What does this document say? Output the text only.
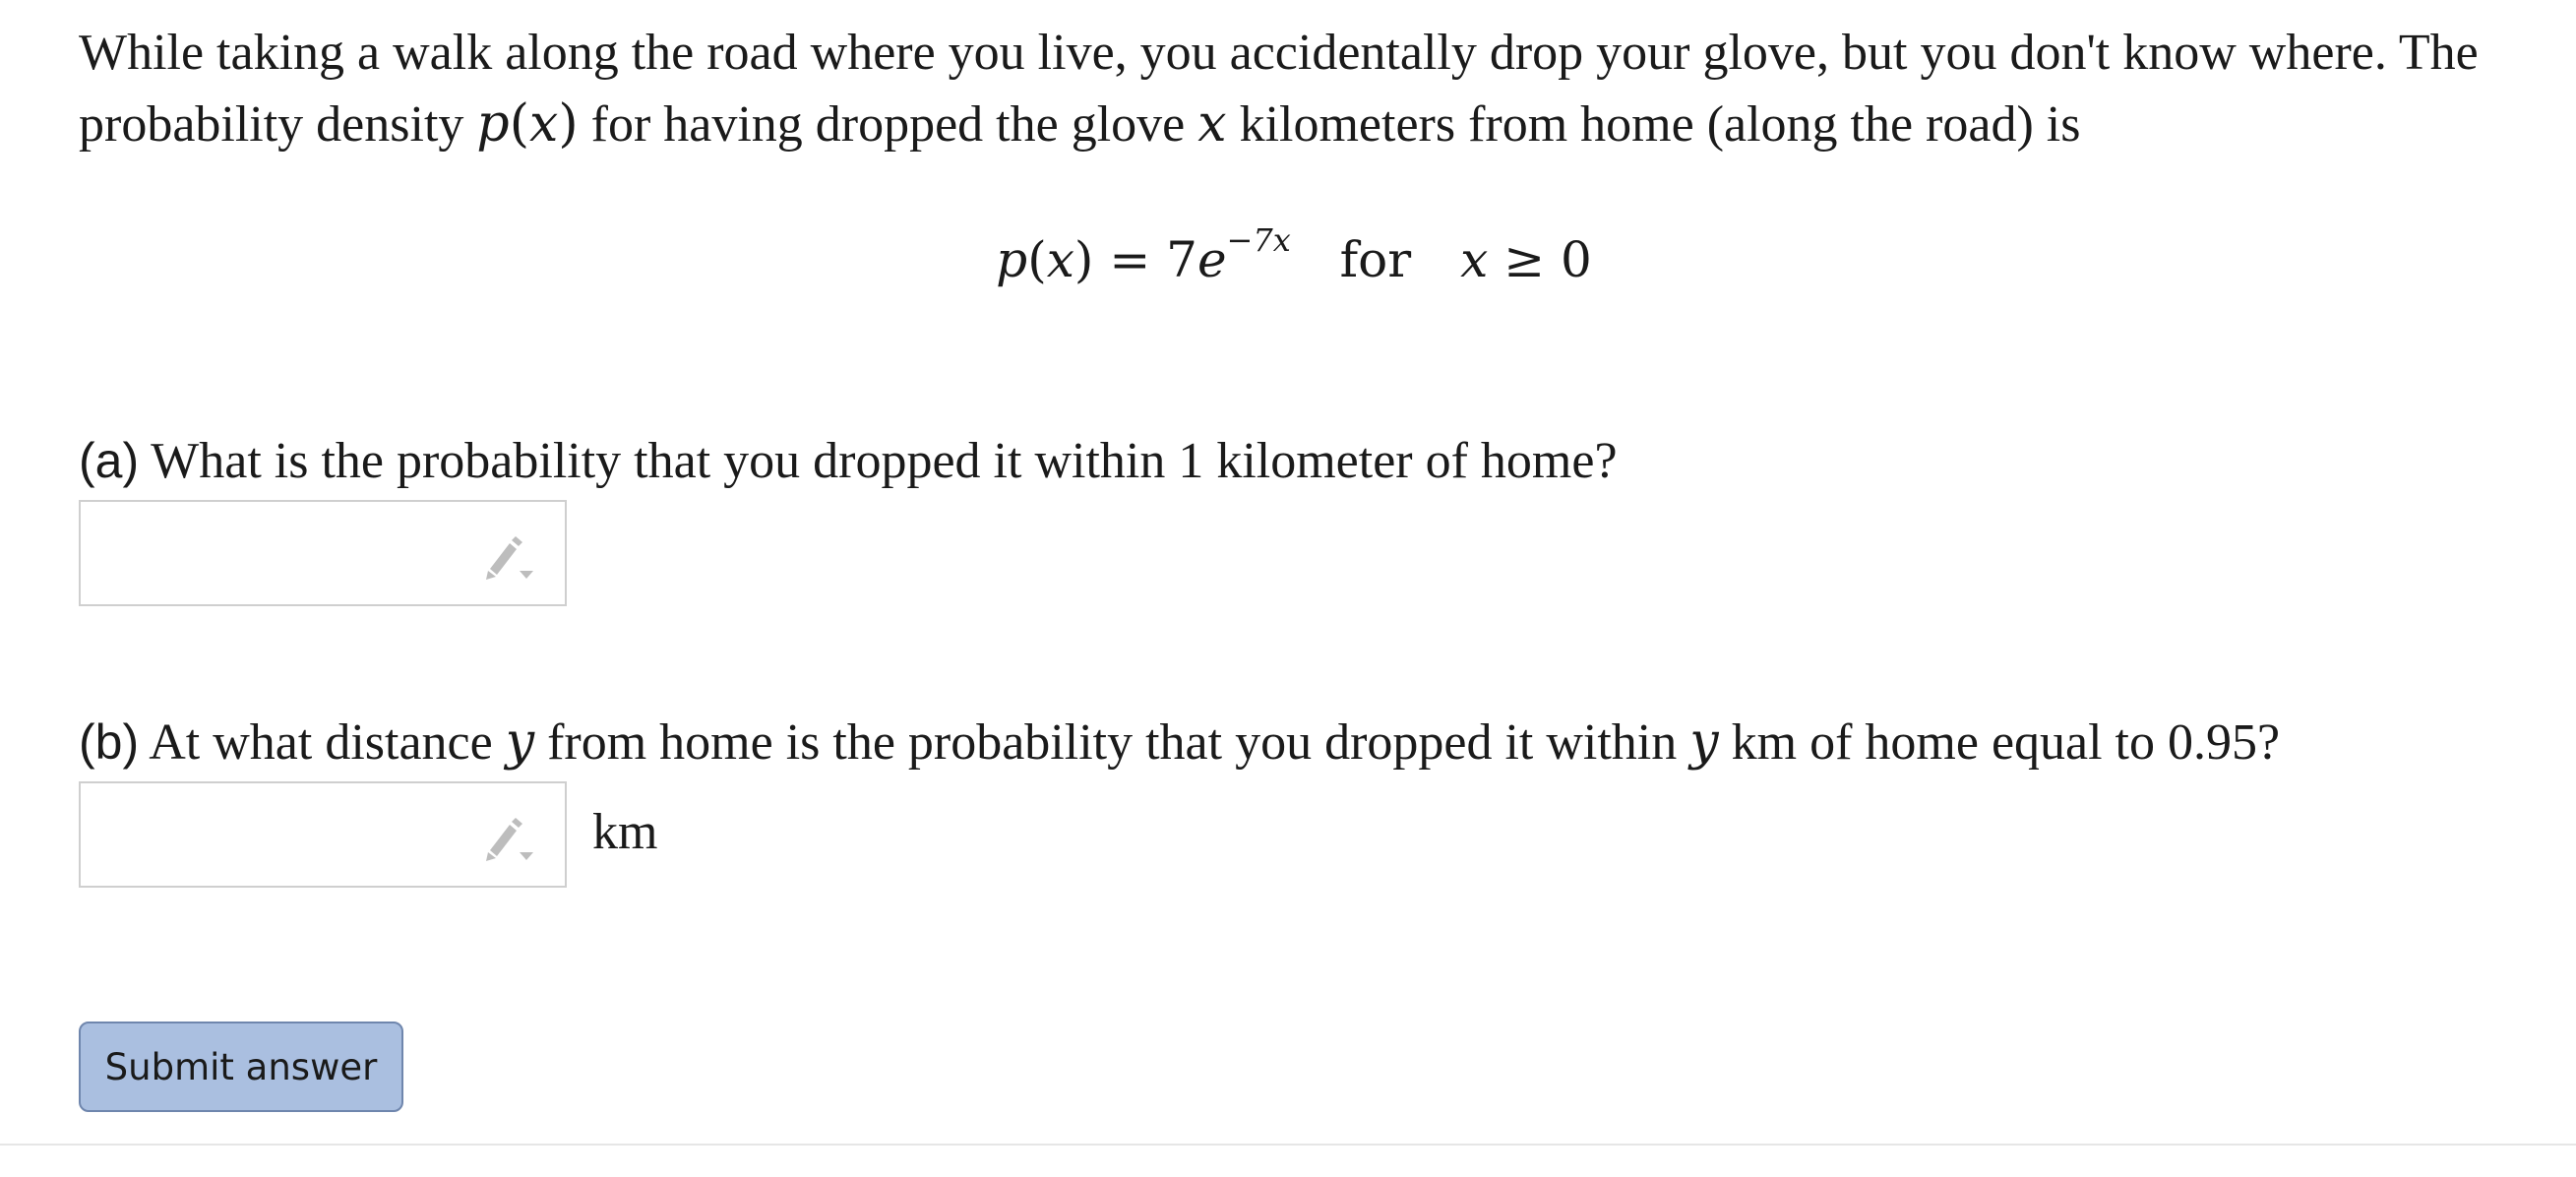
While taking a walk along the road where you live, you accidentally drop your glove, but you don't know where. The
probability density p(x) for having dropped the glove x kilometers from home (along the road) is

$p(x) = 7e^{-7x}$ for x ≥ 0
(a) What is the probability that you dropped it within 1 kilometer of home?
(b) At what distance y from home is the probability that you dropped it within y km of home equal to 0.95?
km
Submit answer
